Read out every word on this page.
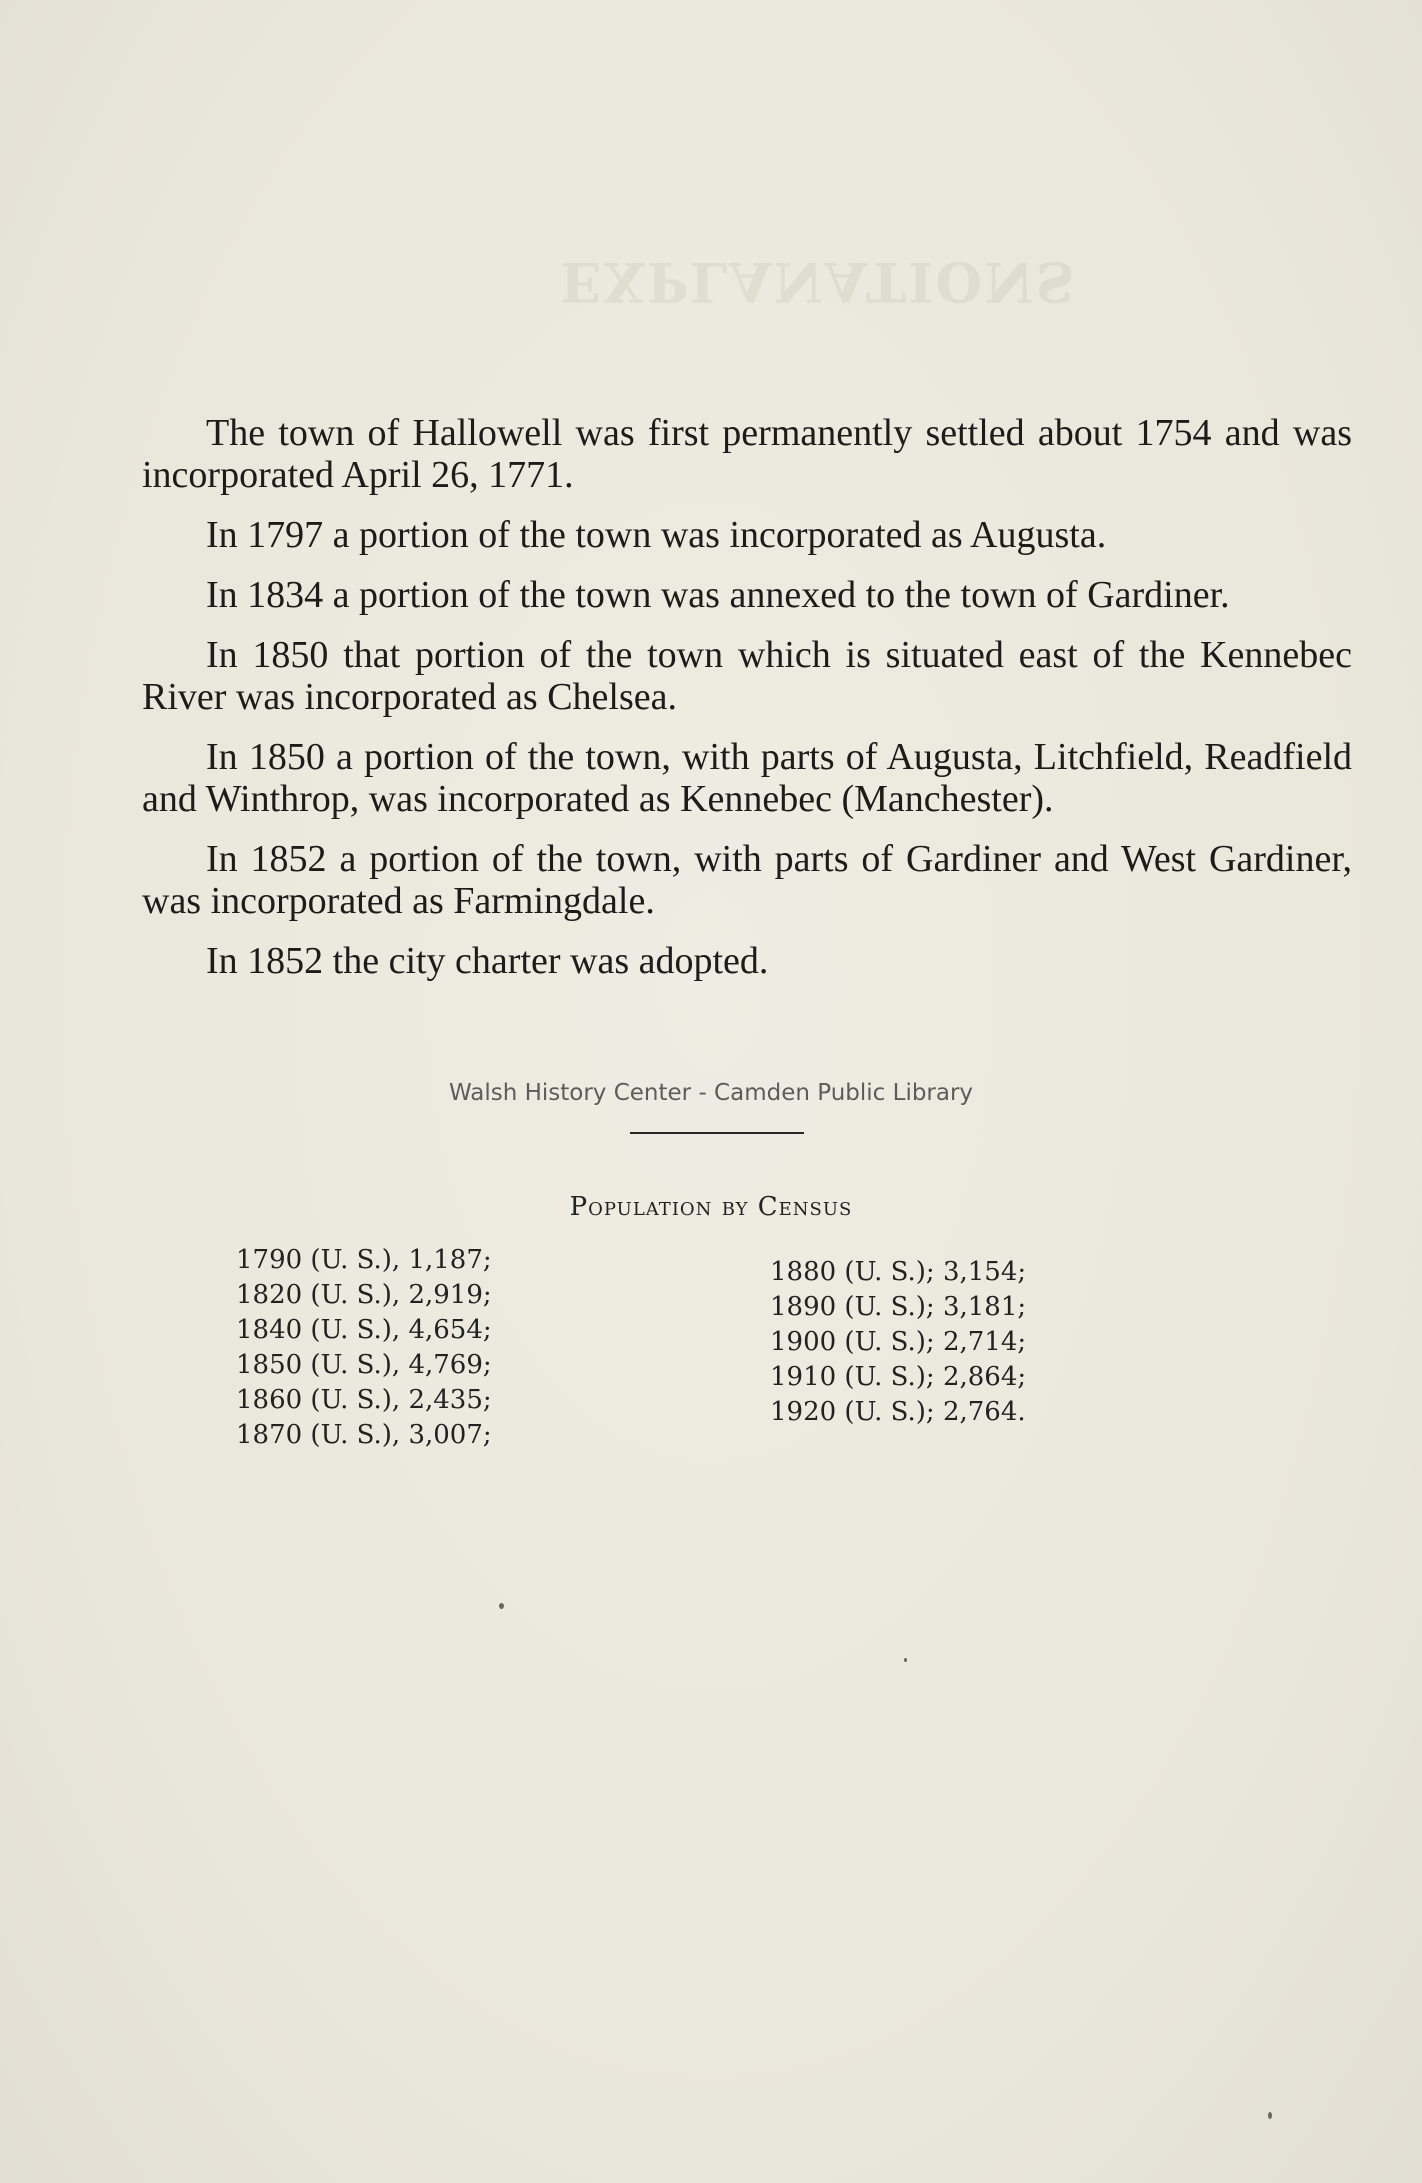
EXPLANATIONS

The town of Hallowell was first permanently settled about 1754 and was incorporated April 26, 1771.

In 1797 a portion of the town was incorporated as Augusta.

In 1834 a portion of the town was annexed to the town of Gardiner.

In 1850 that portion of the town which is situated east of the Kennebec River was incorporated as Chelsea.

In 1850 a portion of the town, with parts of Augusta, Litchfield, Readfield and Winthrop, was incorporated as Kennebec (Manchester).

In 1852 a portion of the town, with parts of Gardiner and West Gardiner, was incorporated as Farmingdale.

In 1852 the city charter was adopted.

Walsh History Center - Camden Public Library
Population by Census
1790 (U. S.), 1,187;
1820 (U. S.), 2,919;
1840 (U. S.), 4,654;
1850 (U. S.), 4,769;
1860 (U. S.), 2,435;
1870 (U. S.), 3,007;
1880 (U. S.); 3,154;
1890 (U. S.); 3,181;
1900 (U. S.); 2,714;
1910 (U. S.); 2,864;
1920 (U. S.); 2,764.
